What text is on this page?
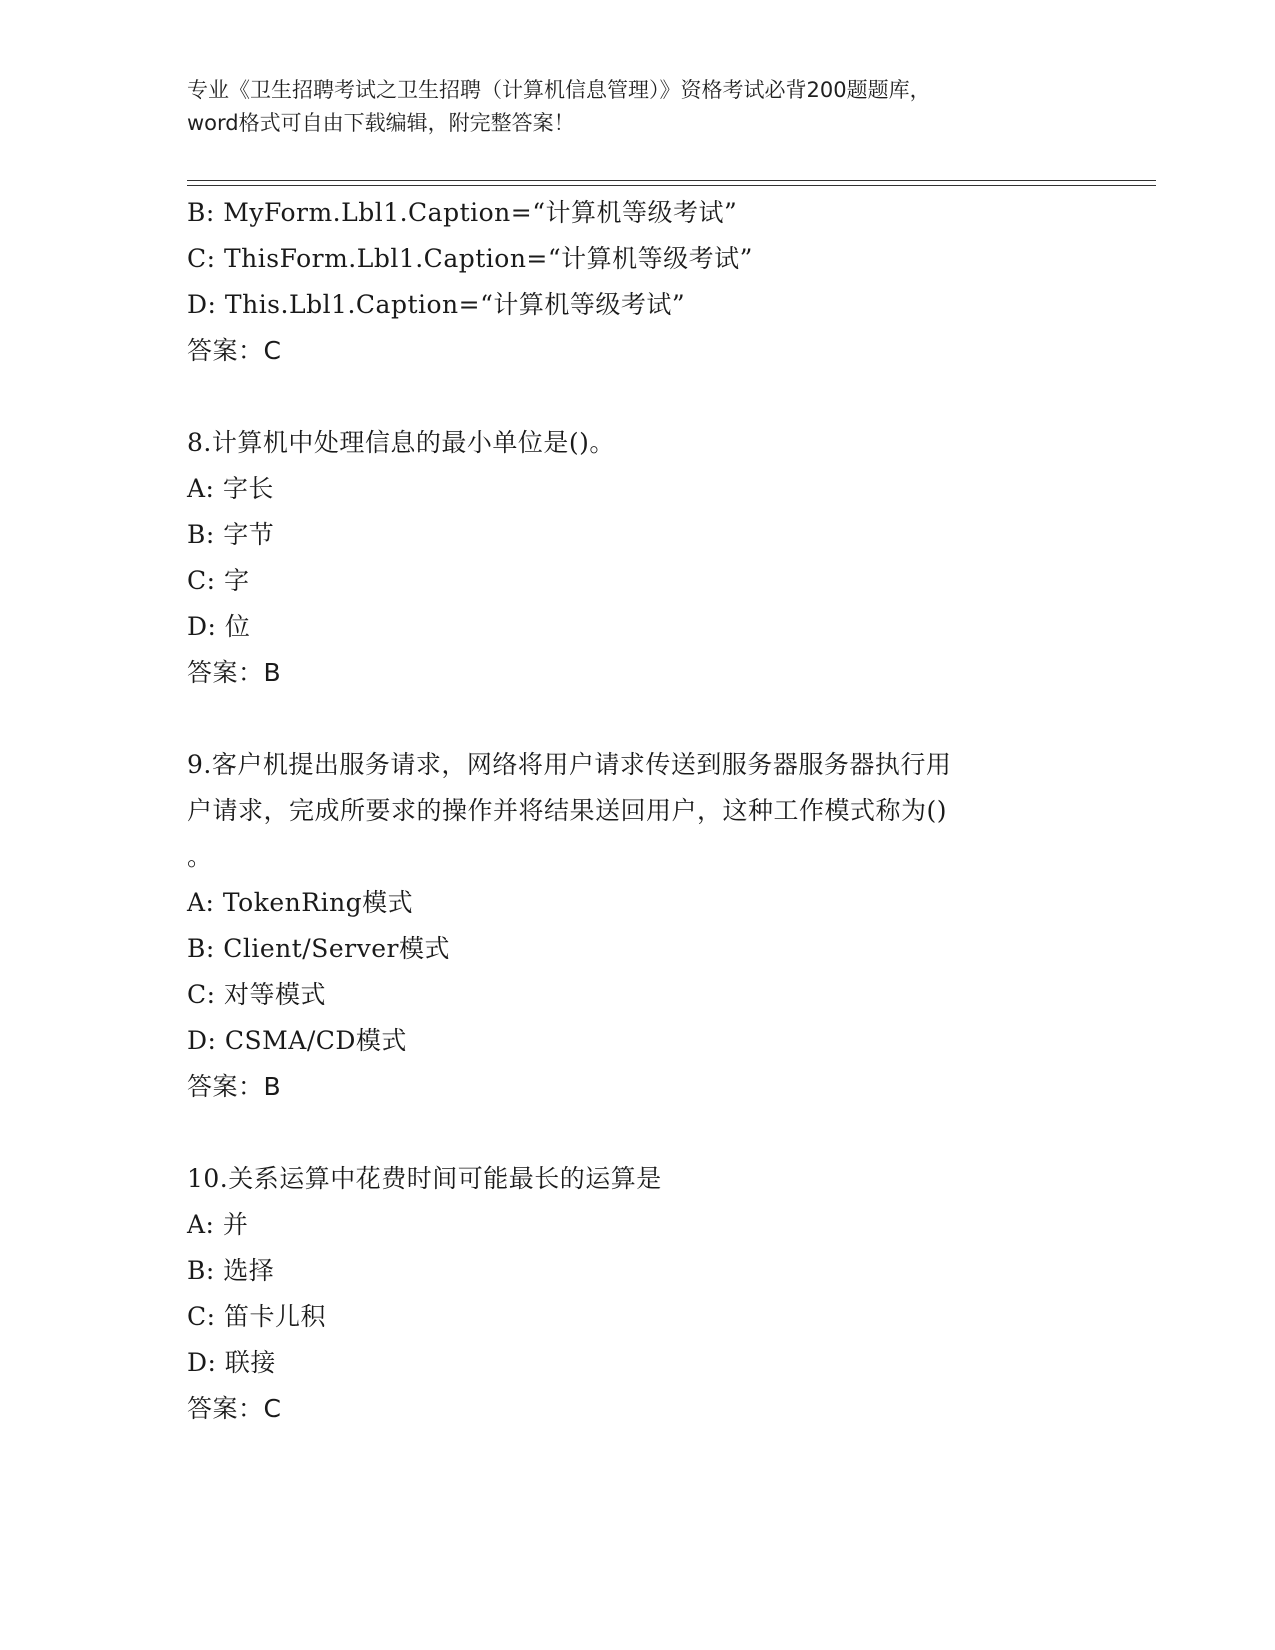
专业《卫生招聘考试之卫生招聘（计算机信息管理）》资格考试必背200题题库，
word格式可自由下载编辑，附完整答案！
B: MyForm.Lbl1.Caption=“计算机等级考试”
C: ThisForm.Lbl1.Caption=“计算机等级考试”
D: This.Lbl1.Caption=“计算机等级考试”
答案：C
8.计算机中处理信息的最小单位是()。
A: 字长
B: 字节
C: 字
D: 位
答案：B
9.客户机提出服务请求，网络将用户请求传送到服务器服务器执行用
户请求，完成所要求的操作并将结果送回用户，这种工作模式称为()
。
A: TokenRing模式
B: Client/Server模式
C: 对等模式
D: CSMA/CD模式
答案：B
10.关系运算中花费时间可能最长的运算是
A: 并
B: 选择
C: 笛卡儿积
D: 联接
答案：C
